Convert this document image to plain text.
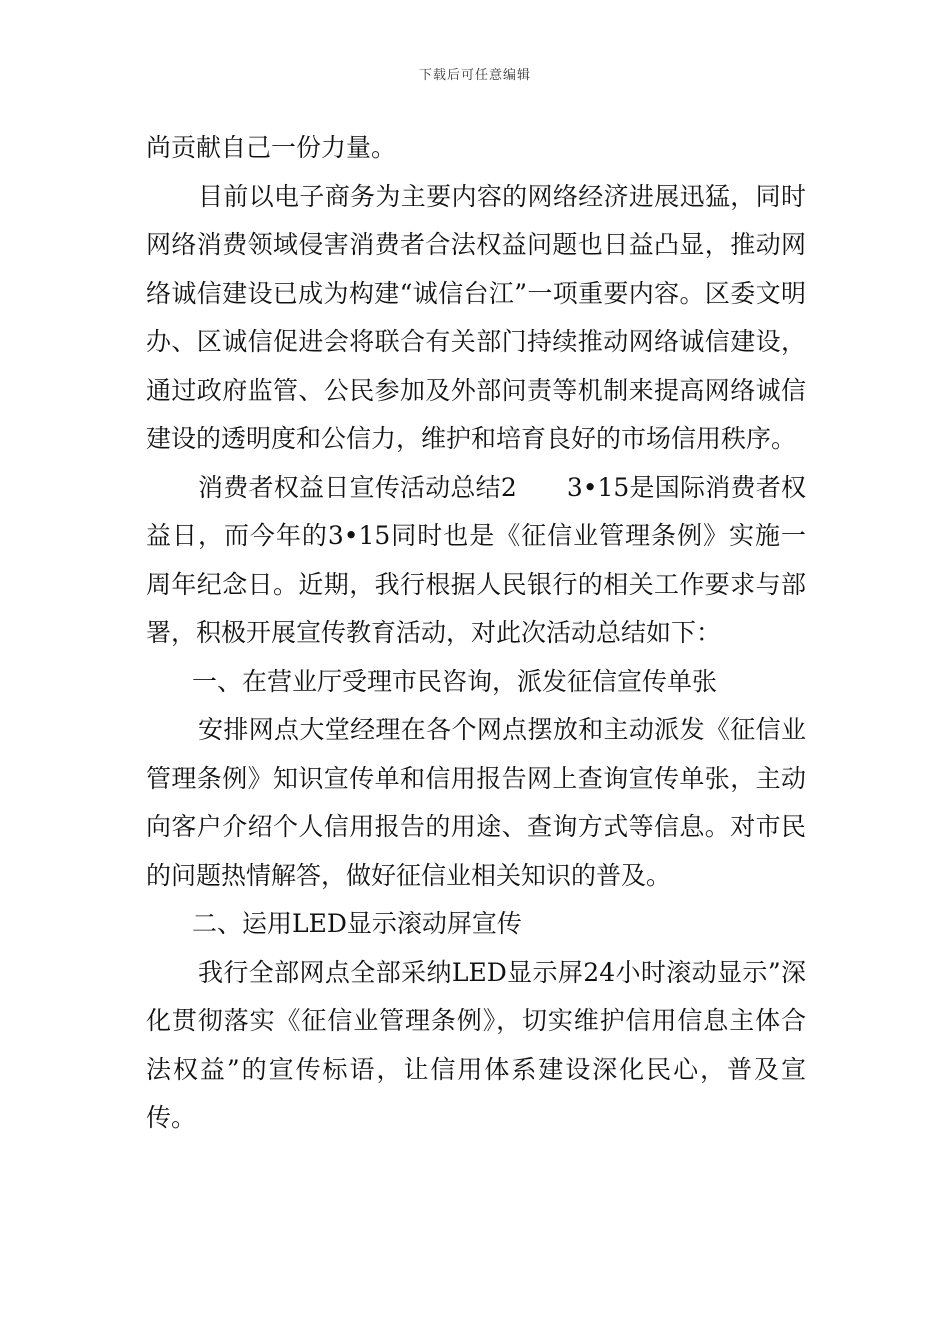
下载后可任意编辑

尚贡献自己一份力量。

目前以电子商务为主要内容的网络经济进展迅猛，同时网络消费领域侵害消费者合法权益问题也日益凸显，推动网络诚信建设已成为构建“诚信台江”一项重要内容。区委文明办、区诚信促进会将联合有关部门持续推动网络诚信建设，通过政府监管、公民参加及外部问责等机制来提高网络诚信建设的透明度和公信力，维护和培育良好的市场信用秩序。

消费者权益日宣传活动总结2 3•15是国际消费者权益日，而今年的3•15同时也是《征信业管理条例》实施一周年纪念日。近期，我行根据人民银行的相关工作要求与部署，积极开展宣传教育活动，对此次活动总结如下：

一、在营业厅受理市民咨询，派发征信宣传单张

安排网点大堂经理在各个网点摆放和主动派发《征信业管理条例》知识宣传单和信用报告网上查询宣传单张，主动向客户介绍个人信用报告的用途、查询方式等信息。对市民的问题热情解答，做好征信业相关知识的普及。

二、运用LED显示滚动屏宣传

我行全部网点全部采纳LED显示屏24小时滚动显示”深化贯彻落实《征信业管理条例》，切实维护信用信息主体合法权益”的宣传标语，让信用体系建设深化民心，普及宣传。
